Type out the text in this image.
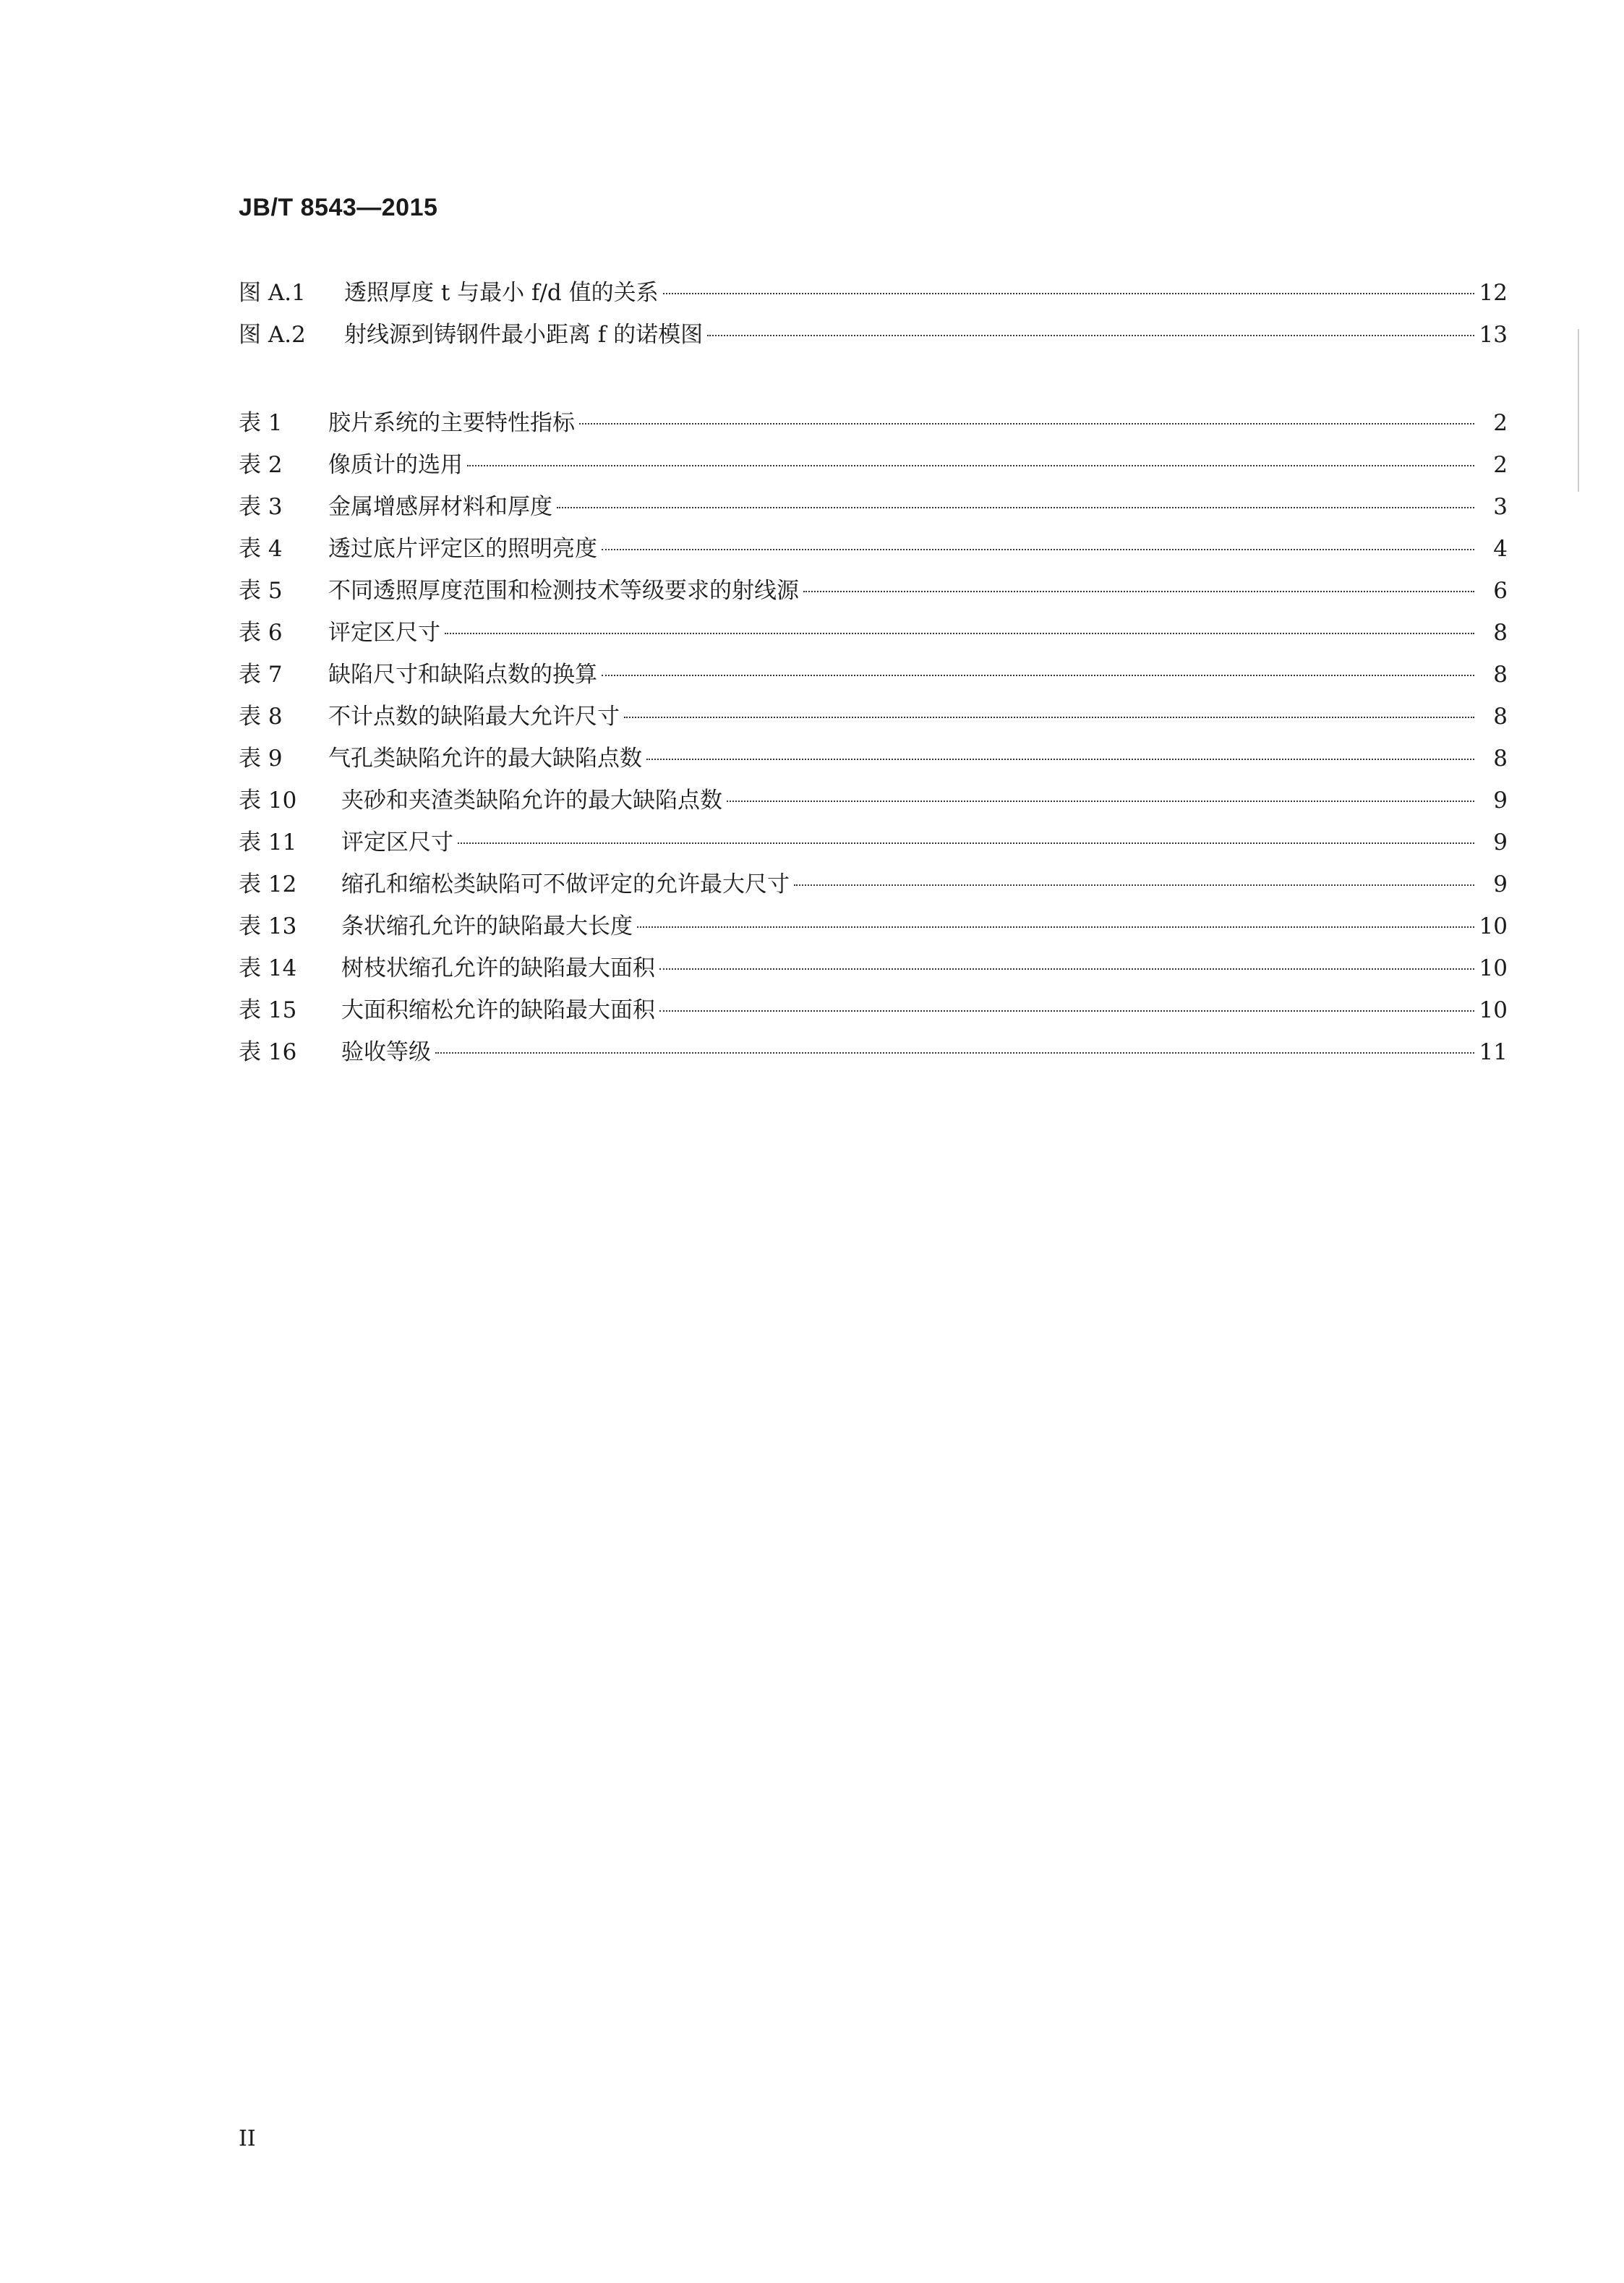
JB/T 8543—2015
图 A.1	透照厚度 t 与最小 f/d 值的关系	12
图 A.2	射线源到铸钢件最小距离 f 的诺模图	13
表 1	胶片系统的主要特性指标	2
表 2	像质计的选用	2
表 3	金属增感屏材料和厚度	3
表 4	透过底片评定区的照明亮度	4
表 5	不同透照厚度范围和检测技术等级要求的射线源	6
表 6	评定区尺寸	8
表 7	缺陷尺寸和缺陷点数的换算	8
表 8	不计点数的缺陷最大允许尺寸	8
表 9	气孔类缺陷允许的最大缺陷点数	8
表 10	夹砂和夹渣类缺陷允许的最大缺陷点数	9
表 11	评定区尺寸	9
表 12	缩孔和缩松类缺陷可不做评定的允许最大尺寸	9
表 13	条状缩孔允许的缺陷最大长度	10
表 14	树枝状缩孔允许的缺陷最大面积	10
表 15	大面积缩松允许的缺陷最大面积	10
表 16	验收等级	11
II
